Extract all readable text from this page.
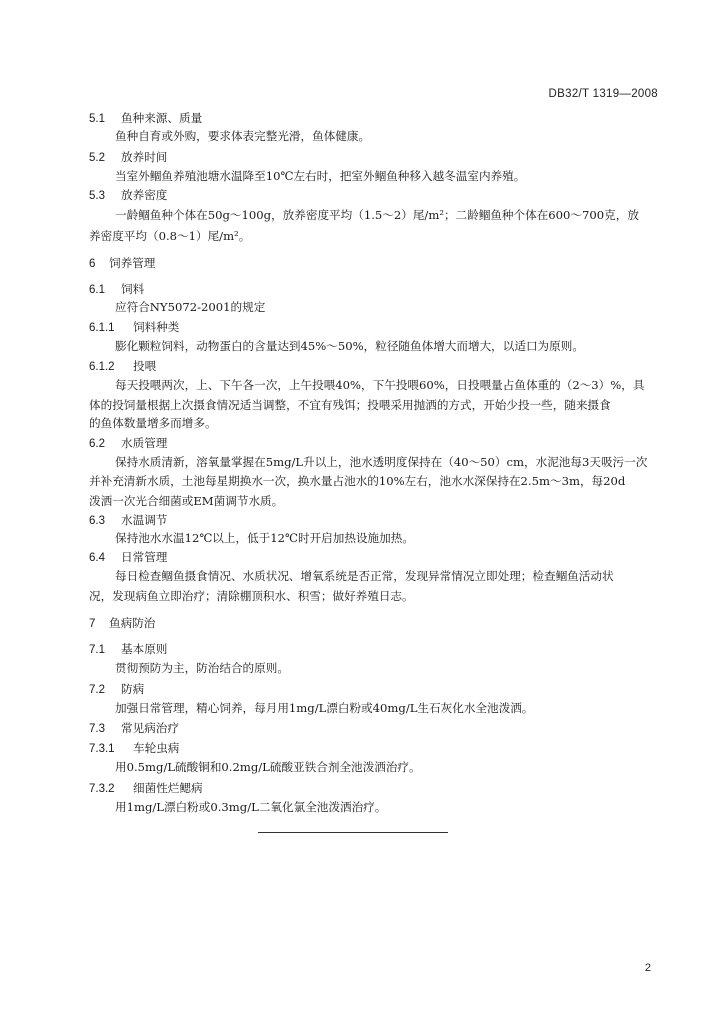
DB32/T 1319—2008
5.1 鱼种来源、质量
鱼种自育或外购，要求体表完整光滑，鱼体健康。
5.2 放养时间
当室外鲴鱼养殖池塘水温降至10℃左右时，把室外鲴鱼种移入越冬温室内养殖。
5.3 放养密度
一龄鲴鱼种个体在50g～100g，放养密度平均（1.5～2）尾/m²；二龄鲴鱼种个体在600～700克，放
养密度平均（0.8～1）尾/m²。
6 饲养管理
6.1 饲料
应符合NY5072-2001的规定
6.1.1 饲料种类
膨化颗粒饲料，动物蛋白的含量达到45%～50%，粒径随鱼体增大而增大，以适口为原则。
6.1.2 投喂
每天投喂两次，上、下午各一次，上午投喂40%，下午投喂60%，日投喂量占鱼体重的（2～3）%，具
体的投饲量根据上次摄食情况适当调整，不宜有残饵；投喂采用抛洒的方式，开始少投一些，随来摄食
的鱼体数量增多而增多。
6.2 水质管理
保持水质清新，溶氧量掌握在5mg/L升以上，池水透明度保持在（40～50）cm，水泥池每3天吸污一次
并补充清新水质，土池每星期换水一次，换水量占池水的10%左右，池水水深保持在2.5m～3m，每20d
泼洒一次光合细菌或EM菌调节水质。
6.3 水温调节
保持池水水温12℃以上，低于12℃时开启加热设施加热。
6.4 日常管理
每日检查鲴鱼摄食情况、水质状况、增氧系统是否正常，发现异常情况立即处理；检查鲴鱼活动状
况，发现病鱼立即治疗；清除棚顶积水、积雪；做好养殖日志。
7 鱼病防治
7.1 基本原则
贯彻预防为主，防治结合的原则。
7.2 防病
加强日常管理，精心饲养，每月用1mg/L漂白粉或40mg/L生石灰化水全池泼洒。
7.3 常见病治疗
7.3.1 车轮虫病
用0.5mg/L硫酸铜和0.2mg/L硫酸亚铁合剂全池泼洒治疗。
7.3.2 细菌性烂鳃病
用1mg/L漂白粉或0.3mg/L二氧化氯全池泼洒治疗。
2
